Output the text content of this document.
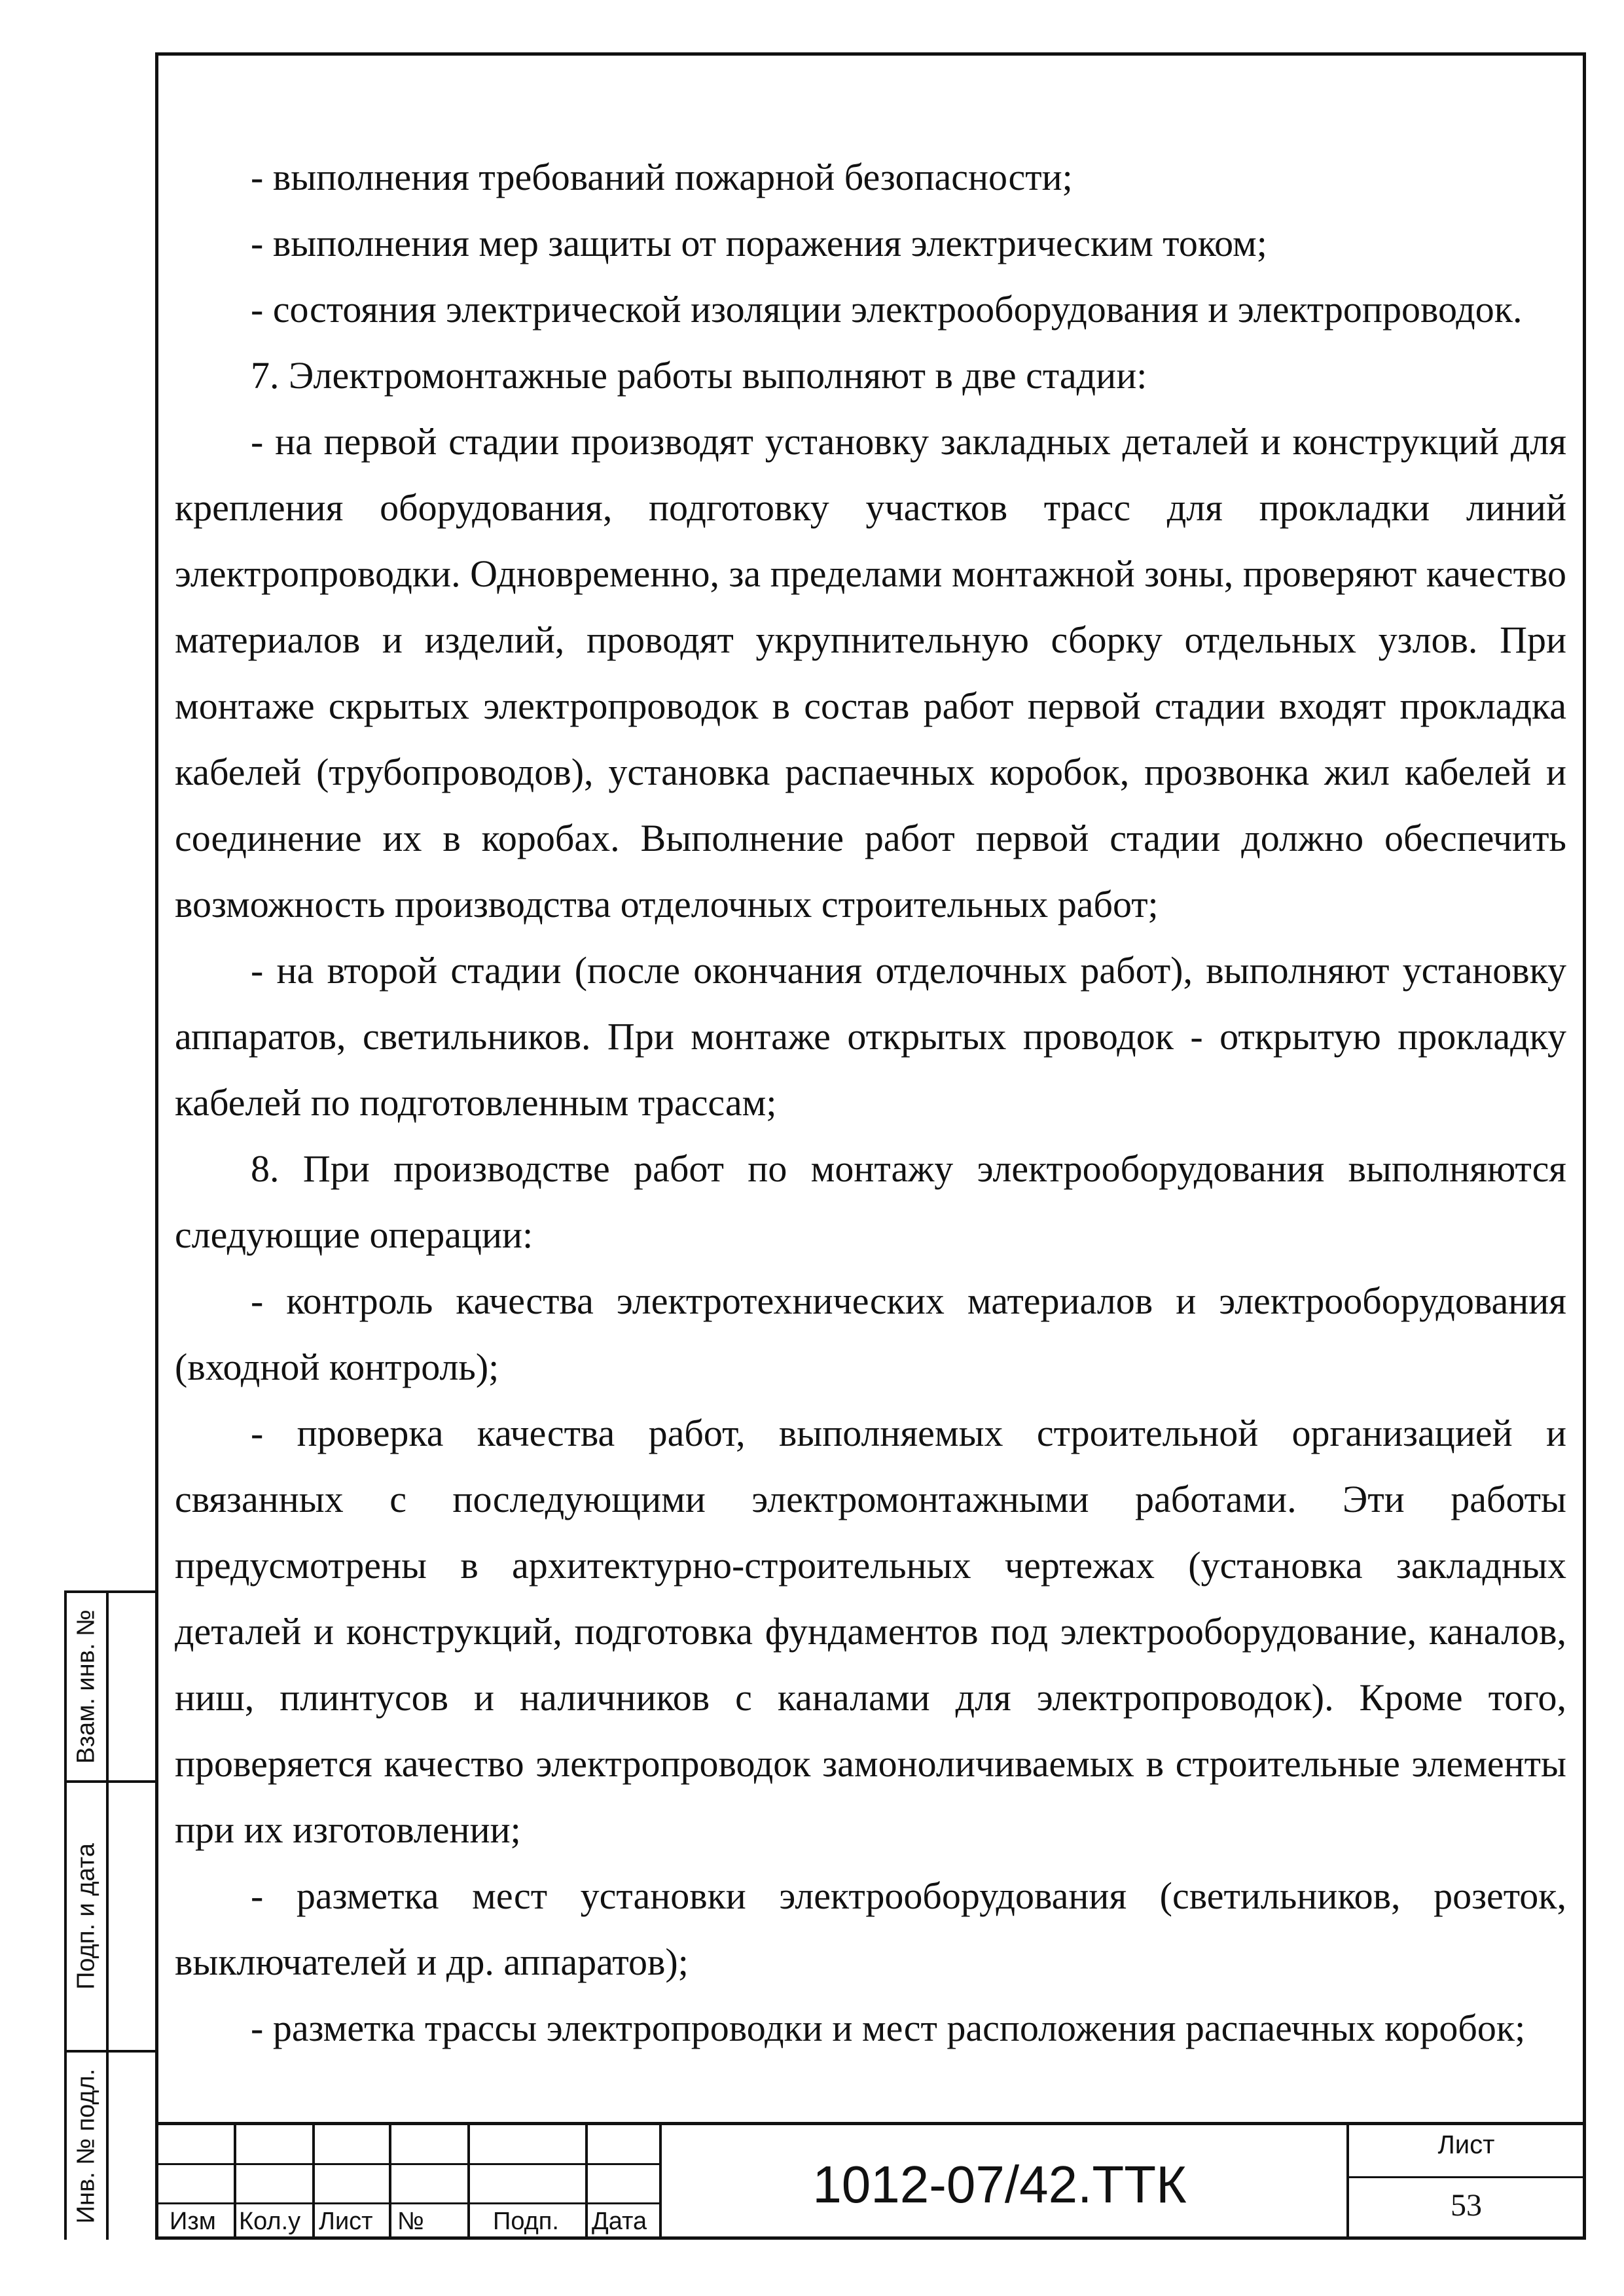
- выполнения требований пожарной безопасности;

- выполнения мер защиты от поражения электрическим током;

- состояния электрической изоляции электрооборудования и электропроводок.

7. Электромонтажные работы выполняют в две стадии:

- на первой стадии производят установку закладных деталей и конструкций для крепления оборудования, подготовку участков трасс для прокладки линий электропроводки. Одновременно, за пределами монтажной зоны, проверяют качество материалов и изделий, проводят укрупнительную сборку отдельных узлов. При монтаже скрытых электропроводок в состав работ первой стадии входят прокладка кабелей (трубопроводов), установка распаечных коробок, прозвонка жил кабелей и соединение их в коробах. Выполнение работ первой стадии должно обеспечить возможность производства отделочных строительных работ;

- на второй стадии (после окончания отделочных работ), выполняют установку аппаратов, светильников. При монтаже открытых проводок - открытую прокладку кабелей по подготовленным трассам;

8. При производстве работ по монтажу электрооборудования выполняются следующие операции:

- контроль качества электротехнических материалов и электрооборудования (входной контроль);

- проверка качества работ, выполняемых строительной организацией и связанных с последующими электромонтажными работами. Эти работы предусмотрены в архитектурно-строительных чертежах (установка закладных деталей и конструкций, подготовка фундаментов под электрооборудование, каналов, ниш, плинтусов и наличников с каналами для электропроводок). Кроме того, проверяется качество электропроводок замоноличиваемых в строительные элементы при их изготовлении;

- разметка мест установки электрооборудования (светильников, розеток, выключателей и др. аппаратов);

- разметка трассы электропроводки и мест расположения распаечных коробок;

Взам. инв. №
Подп. и дата
Инв. № подл.	Изм Кол.у Лист №	Подп. Дата
1012-07/42.ТТК
Лист
53
